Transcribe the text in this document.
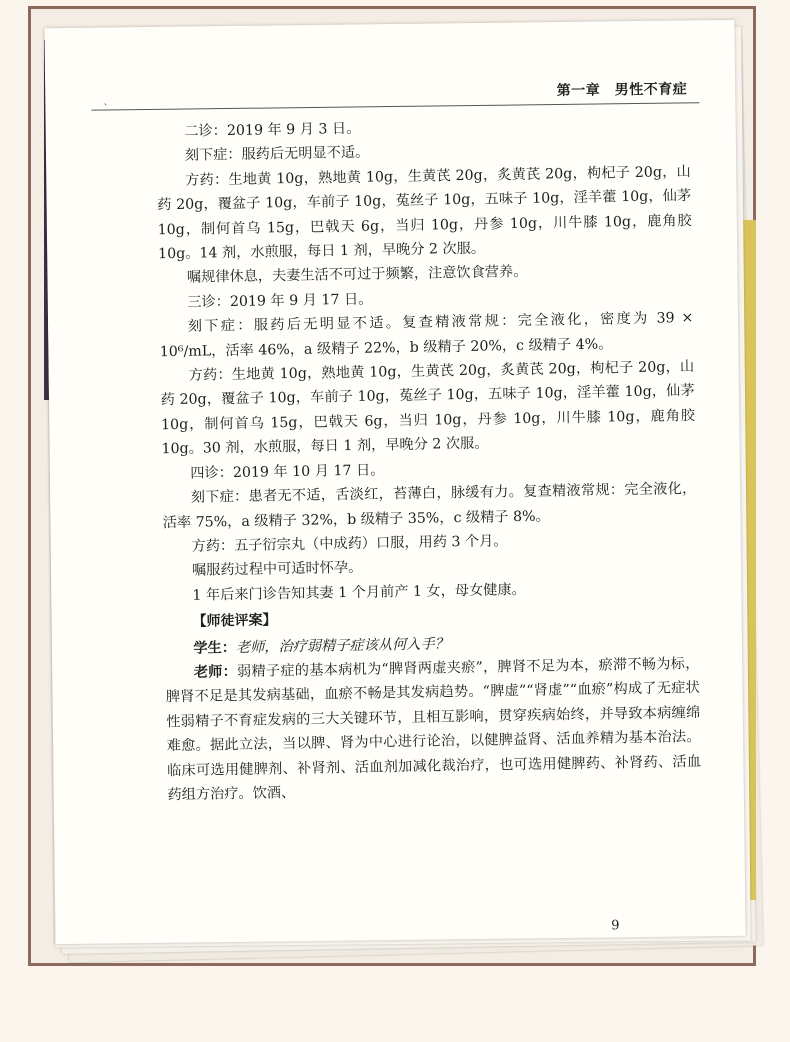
`
第一章　男性不育症

二诊：2019 年 9 月 3 日。

刻下症：服药后无明显不适。

方药：生地黄 10g，熟地黄 10g，生黄芪 20g，炙黄芪 20g，枸杞子 20g，山药 20g，覆盆子 10g，车前子 10g，菟丝子 10g，五味子 10g，淫羊藿 10g，仙茅 10g，制何首乌 15g，巴戟天 6g，当归 10g，丹参 10g，川牛膝 10g，鹿角胶 10g。14 剂，水煎服，每日 1 剂，早晚分 2 次服。

嘱规律休息，夫妻生活不可过于频繁，注意饮食营养。

三诊：2019 年 9 月 17 日。

刻下症：服药后无明显不适。复查精液常规：完全液化，密度为 39 × 10⁶/mL，活率 46%，a 级精子 22%，b 级精子 20%，c 级精子 4%。

方药：生地黄 10g，熟地黄 10g，生黄芪 20g，炙黄芪 20g，枸杞子 20g，山药 20g，覆盆子 10g，车前子 10g，菟丝子 10g，五味子 10g，淫羊藿 10g，仙茅 10g，制何首乌 15g，巴戟天 6g，当归 10g，丹参 10g，川牛膝 10g，鹿角胶 10g。30 剂，水煎服，每日 1 剂，早晚分 2 次服。

四诊：2019 年 10 月 17 日。

刻下症：患者无不适，舌淡红，苔薄白，脉缓有力。复查精液常规：完全液化，活率 75%，a 级精子 32%，b 级精子 35%，c 级精子 8%。

方药：五子衍宗丸（中成药）口服，用药 3 个月。

嘱服药过程中可适时怀孕。

1 年后来门诊告知其妻 1 个月前产 1 女，母女健康。

【师徒评案】

学生：老师，治疗弱精子症该从何入手？

老师：弱精子症的基本病机为“脾肾两虚夹瘀”，脾肾不足为本，瘀滞不畅为标，脾肾不足是其发病基础，血瘀不畅是其发病趋势。“脾虚”“肾虚”“血瘀”构成了无症状性弱精子不育症发病的三大关键环节，且相互影响，贯穿疾病始终，并导致本病缠绵难愈。据此立法，当以脾、肾为中心进行论治，以健脾益肾、活血养精为基本治法。临床可选用健脾剂、补肾剂、活血剂加减化裁治疗，也可选用健脾药、补肾药、活血药组方治疗。饮酒、

9
